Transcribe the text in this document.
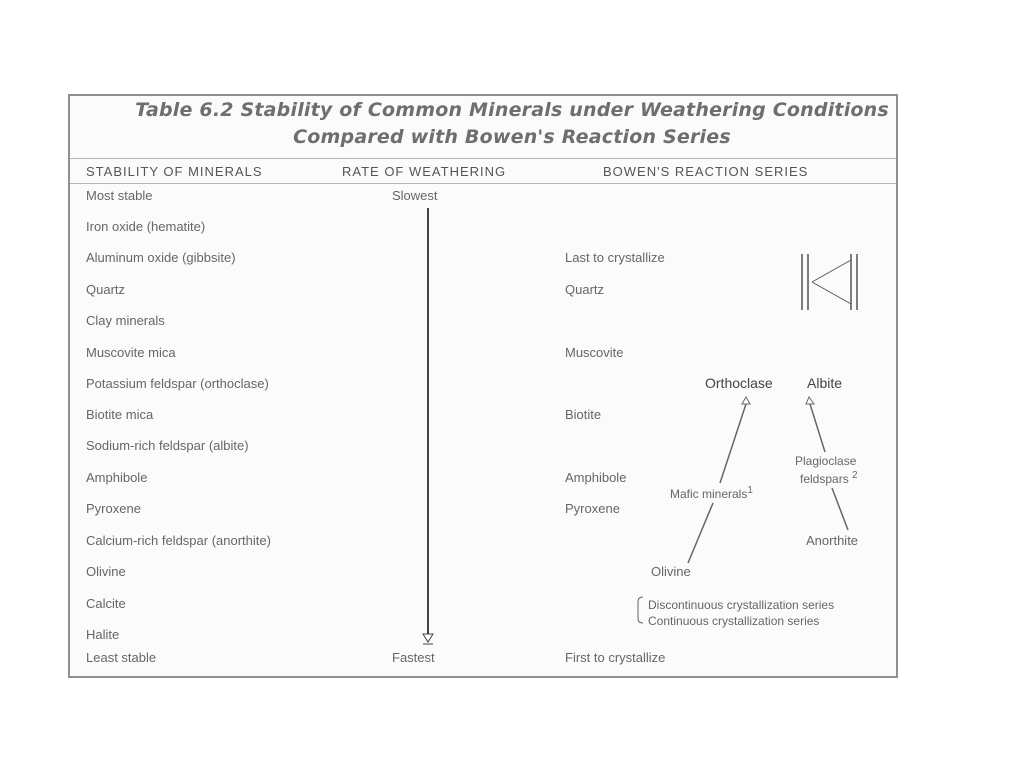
Table 6.2 Stability of Common Minerals under Weathering Conditions
Compared with Bowen's Reaction Series
STABILITY OF MINERALS	RATE OF WEATHERING	BOWEN'S REACTION SERIES
Most stable
Iron oxide (hematite)
Aluminum oxide (gibbsite)
Quartz
Clay minerals
Muscovite mica
Potassium feldspar (orthoclase)
Biotite mica
Sodium-rich feldspar (albite)
Amphibole
Pyroxene
Calcium-rich feldspar (anorthite)
Olivine
Calcite
Halite
Least stable
Slowest
Fastest
Last to crystallize
Quartz
Muscovite
Orthoclase Albite
Biotite
Plagioclase
feldspars $^2$
Amphibole
Mafic minerals$^1$
Pyroxene
Anorthite
Olivine
Discontinuous crystallization series
Continuous crystallization series
First to crystallize
